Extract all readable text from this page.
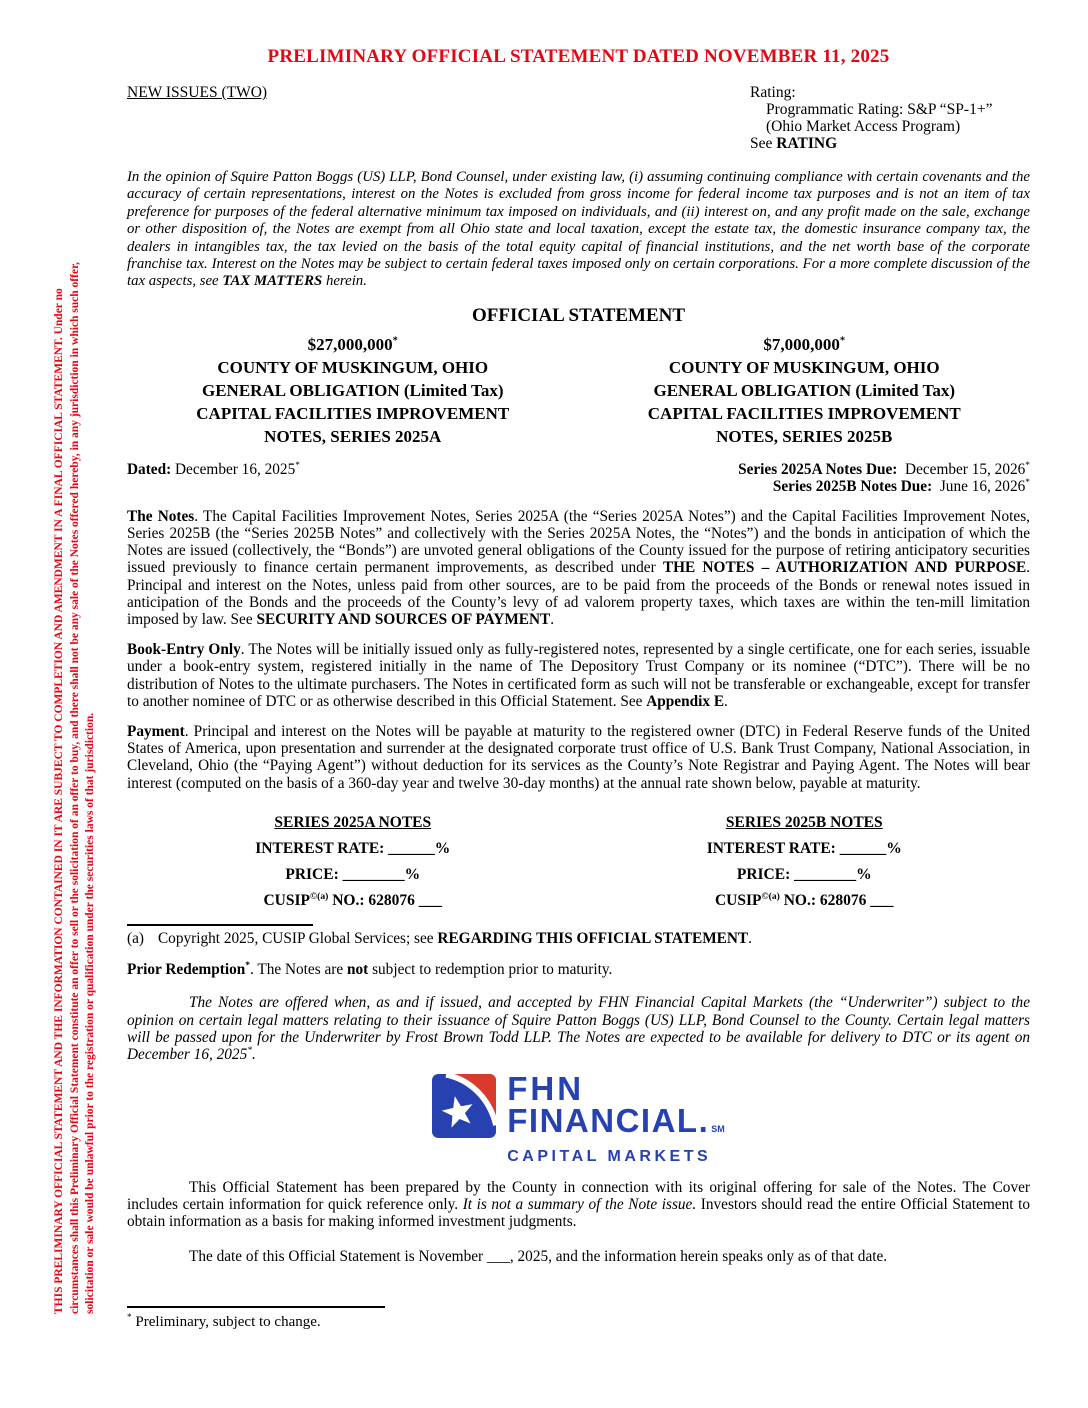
THIS PRELIMINARY OFFICIAL STATEMENT AND THE INFORMATION CONTAINED IN IT ARE SUBJECT TO COMPLETION AND AMENDMENT IN A FINAL OFFICIAL STATEMENT. Under no circumstances shall this Preliminary Official Statement constitute an offer to sell or the solicitation of an offer to buy, and there shall not be any sale of the Notes offered hereby, in any jurisdiction in which such offer, solicitation or sale would be unlawful prior to the registration or qualification under the securities laws of that jurisdiction.
PRELIMINARY OFFICIAL STATEMENT DATED NOVEMBER 11, 2025
NEW ISSUES (TWO)	Rating:
Programmatic Rating: S&P “SP-1+”
(Ohio Market Access Program)
See RATING
In the opinion of Squire Patton Boggs (US) LLP, Bond Counsel, under existing law, (i) assuming continuing compliance with certain covenants and the accuracy of certain representations, interest on the Notes is excluded from gross income for federal income tax purposes and is not an item of tax preference for purposes of the federal alternative minimum tax imposed on individuals, and (ii) interest on, and any profit made on the sale, exchange or other disposition of, the Notes are exempt from all Ohio state and local taxation, except the estate tax, the domestic insurance company tax, the dealers in intangibles tax, the tax levied on the basis of the total equity capital of financial institutions, and the net worth base of the corporate franchise tax. Interest on the Notes may be subject to certain federal taxes imposed only on certain corporations. For a more complete discussion of the tax aspects, see TAX MATTERS herein.
OFFICIAL STATEMENT
$27,000,000*
COUNTY OF MUSKINGUM, OHIO
GENERAL OBLIGATION (Limited Tax)
CAPITAL FACILITIES IMPROVEMENT
NOTES, SERIES 2025A
$7,000,000*
COUNTY OF MUSKINGUM, OHIO
GENERAL OBLIGATION (Limited Tax)
CAPITAL FACILITIES IMPROVEMENT
NOTES, SERIES 2025B
Dated: December 16, 2025*	Series 2025A Notes Due:  December 15, 2026*
Series 2025B Notes Due:  June 16, 2026*
The Notes. The Capital Facilities Improvement Notes, Series 2025A (the “Series 2025A Notes”) and the Capital Facilities Improvement Notes, Series 2025B (the “Series 2025B Notes” and collectively with the Series 2025A Notes, the “Notes”) and the bonds in anticipation of which the Notes are issued (collectively, the “Bonds”) are unvoted general obligations of the County issued for the purpose of retiring anticipatory securities issued previously to finance certain permanent improvements, as described under THE NOTES – AUTHORIZATION AND PURPOSE. Principal and interest on the Notes, unless paid from other sources, are to be paid from the proceeds of the Bonds or renewal notes issued in anticipation of the Bonds and the proceeds of the County’s levy of ad valorem property taxes, which taxes are within the ten-mill limitation imposed by law. See SECURITY AND SOURCES OF PAYMENT.
Book-Entry Only. The Notes will be initially issued only as fully-registered notes, represented by a single certificate, one for each series, issuable under a book-entry system, registered initially in the name of The Depository Trust Company or its nominee (“DTC”). There will be no distribution of Notes to the ultimate purchasers. The Notes in certificated form as such will not be transferable or exchangeable, except for transfer to another nominee of DTC or as otherwise described in this Official Statement. See Appendix E.
Payment. Principal and interest on the Notes will be payable at maturity to the registered owner (DTC) in Federal Reserve funds of the United States of America, upon presentation and surrender at the designated corporate trust office of U.S. Bank Trust Company, National Association, in Cleveland, Ohio (the “Paying Agent”) without deduction for its services as the County’s Note Registrar and Paying Agent. The Notes will bear interest (computed on the basis of a 360-day year and twelve 30-day months) at the annual rate shown below, payable at maturity.
SERIES 2025A NOTES
INTEREST RATE: ______%
PRICE: ________%
$CUSIP^{©(a)}$ NO.: 628076 ___
SERIES 2025B NOTES
INTEREST RATE: ______%
PRICE: ________%
$CUSIP^{©(a)}$ NO.: 628076 ___
(a) Copyright 2025, CUSIP Global Services; see REGARDING THIS OFFICIAL STATEMENT.
Prior Redemption*. The Notes are not subject to redemption prior to maturity.
The Notes are offered when, as and if issued, and accepted by FHN Financial Capital Markets (the “Underwriter”) subject to the opinion on certain legal matters relating to their issuance of Squire Patton Boggs (US) LLP, Bond Counsel to the County. Certain legal matters will be passed upon for the Underwriter by Frost Brown Todd LLP. The Notes are expected to be available for delivery to DTC or its agent on December 16, 2025*.
FHN
FINANCIAL. SM
CAPITAL MARKETS
This Official Statement has been prepared by the County in connection with its original offering for sale of the Notes. The Cover includes certain information for quick reference only. It is not a summary of the Note issue. Investors should read the entire Official Statement to obtain information as a basis for making informed investment judgments.
The date of this Official Statement is November ___, 2025, and the information herein speaks only as of that date.
* Preliminary, subject to change.
